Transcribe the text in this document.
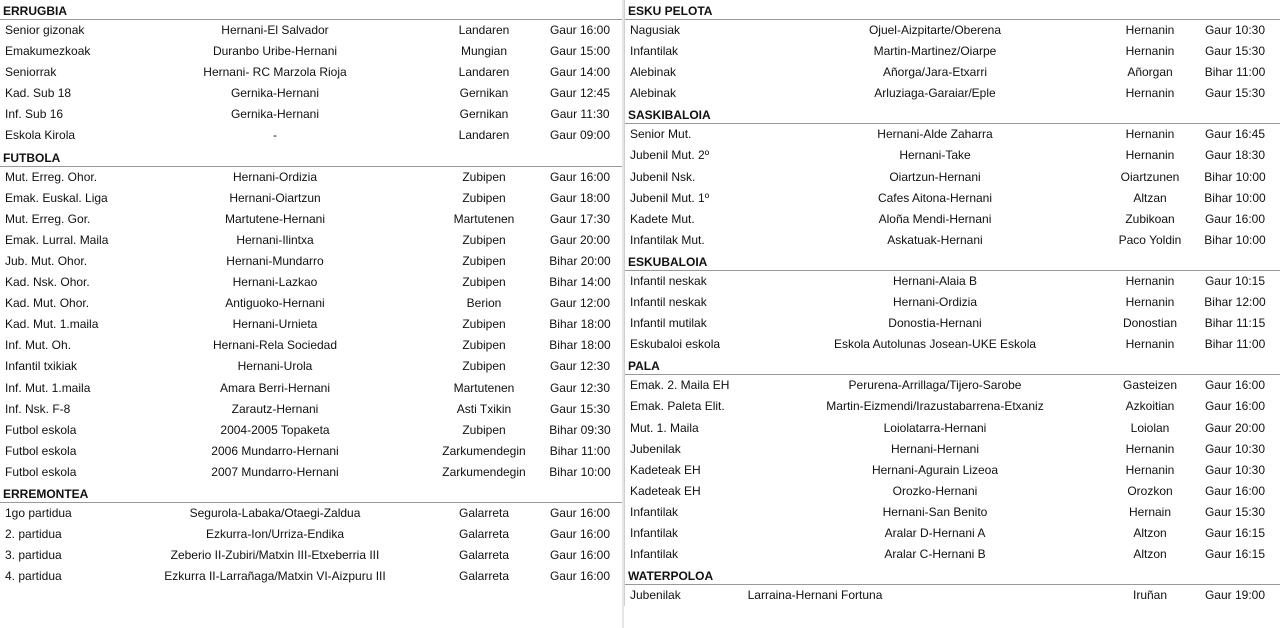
ERRUGBIA
Senior gizonak	Hernani-El Salvador	Landaren	Gaur 16:00
Emakumezkoak	Duranbo Uribe-Hernani	Mungian	Gaur 15:00
Seniorrak	Hernani- RC Marzola Rioja	Landaren	Gaur 14:00
Kad. Sub 18	Gernika-Hernani	Gernikan	Gaur 12:45
Inf. Sub 16	Gernika-Hernani	Gernikan	Gaur 11:30
Eskola Kirola	-	Landaren	Gaur 09:00
FUTBOLA
Mut. Erreg. Ohor.	Hernani-Ordizia	Zubipen	Gaur 16:00
Emak. Euskal. Liga	Hernani-Oiartzun	Zubipen	Gaur 18:00
Mut. Erreg. Gor.	Martutene-Hernani	Martutenen	Gaur 17:30
Emak. Lurral. Maila	Hernani-Ilintxa	Zubipen	Gaur 20:00
Jub. Mut. Ohor.	Hernani-Mundarro	Zubipen	Bihar 20:00
Kad. Nsk. Ohor.	Hernani-Lazkao	Zubipen	Bihar 14:00
Kad. Mut. Ohor.	Antiguoko-Hernani	Berion	Gaur 12:00
Kad. Mut. 1.maila	Hernani-Urnieta	Zubipen	Bihar 18:00
Inf. Mut. Oh.	Hernani-Rela Sociedad	Zubipen	Bihar 18:00
Infantil txikiak	Hernani-Urola	Zubipen	Gaur 12:30
Inf. Mut. 1.maila	Amara Berri-Hernani	Martutenen	Gaur 12:30
Inf. Nsk. F-8	Zarautz-Hernani	Asti Txikin	Gaur 15:30
Futbol eskola	2004-2005 Topaketa	Zubipen	Bihar 09:30
Futbol eskola	2006 Mundarro-Hernani	Zarkumendegin	Bihar 11:00
Futbol eskola	2007 Mundarro-Hernani	Zarkumendegin	Bihar 10:00
ERREMONTEA
1go partidua	Segurola-Labaka/Otaegi-Zaldua	Galarreta	Gaur 16:00
2. partidua	Ezkurra-Ion/Urriza-Endika	Galarreta	Gaur 16:00
3. partidua	Zeberio II-Zubiri/Matxin III-Etxeberria III	Galarreta	Gaur 16:00
4. partidua	Ezkurra II-Larrañaga/Matxin VI-Aizpuru III	Galarreta	Gaur 16:00
ESKU PELOTA
Nagusiak	Ojuel-Aizpitarte/Oberena	Hernanin	Gaur 10:30
Infantilak	Martin-Martinez/Oiarpe	Hernanin	Gaur 15:30
Alebinak	Añorga/Jara-Etxarri	Añorgan	Bihar 11:00
Alebinak	Arluziaga-Garaiar/Eple	Hernanin	Gaur 15:30
SASKIBALOIA
Senior Mut.	Hernani-Alde Zaharra	Hernanin	Gaur 16:45
Jubenil Mut. 2º	Hernani-Take	Hernanin	Gaur 18:30
Jubenil Nsk.	Oiartzun-Hernani	Oiartzunen	Bihar 10:00
Jubenil Mut. 1º	Cafes Aitona-Hernani	Altzan	Bihar 10:00
Kadete Mut.	Aloña Mendi-Hernani	Zubikoan	Gaur 16:00
Infantilak Mut.	Askatuak-Hernani	Paco Yoldin	Bihar 10:00
ESKUBALOIA
Infantil neskak	Hernani-Alaia B	Hernanin	Gaur 10:15
Infantil neskak	Hernani-Ordizia	Hernanin	Bihar 12:00
Infantil mutilak	Donostia-Hernani	Donostian	Bihar 11:15
Eskubaloi eskola	Eskola Autolunas Josean-UKE Eskola	Hernanin	Bihar 11:00
PALA
Emak. 2. Maila EH	Perurena-Arrillaga/Tijero-Sarobe	Gasteizen	Gaur 16:00
Emak. Paleta Elit.	Martin-Eizmendi/Irazustabarrena-Etxaniz	Azkoitian	Gaur 16:00
Mut. 1. Maila	Loiolatarra-Hernani	Loiolan	Gaur 20:00
Jubenilak	Hernani-Hernani	Hernanin	Gaur 10:30
Kadeteak EH	Hernani-Agurain Lizeoa	Hernanin	Gaur 10:30
Kadeteak EH	Orozko-Hernani	Orozkon	Gaur 16:00
Infantilak	Hernani-San Benito	Hernain	Gaur 15:30
Infantilak	Aralar D-Hernani A	Altzon	Gaur 16:15
Infantilak	Aralar C-Hernani B	Altzon	Gaur 16:15
WATERPOLOA
Jubenilak	Larraina-Hernani Fortuna	Iruñan	Gaur 19:00
